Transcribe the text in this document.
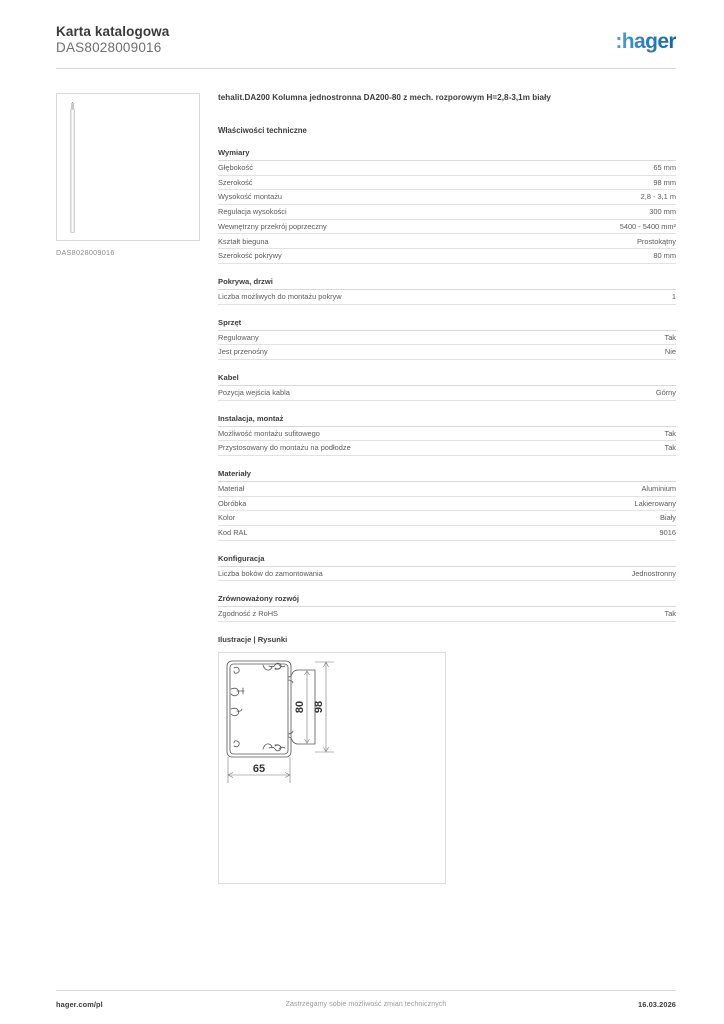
Karta katalogowa
DAS8028009016	:hager
DAS8028009016
tehalit.DA200 Kolumna jednostronna DA200-80 z mech. rozporowym H=2,8-3,1m biały
Właściwości techniczne
Wymiary
Głębokość	65 mm
Szerokość	98 mm
Wysokość montażu	2,8 - 3,1 m
Regulacja wysokości	300 mm
Wewnętrzny przekrój poprzeczny	5400 - 5400 mm²
Kształt bieguna	Prostokątny
Szerokość pokrywy	80 mm
Pokrywa, drzwi
Liczba możliwych do montażu pokryw	1
Sprzęt
Regulowany	Tak
Jest przenośny	Nie
Kabel
Pozycja wejścia kabla	Górny
Instalacja, montaż
Możliwość montażu sufitowego	Tak
Przystosowany do montażu na podłodze	Tak
Materiały
Materiał	Aluminium
Obróbka	Lakierowany
Kolor	Biały
Kod RAL	9016
Konfiguracja
Liczba boków do zamontowania	Jednostronny
Zrównoważony rozwój
Zgodność z RoHS	Tak
Ilustracje | Rysunki
80 98
65
hager.com/pl	Zastrzegamy sobie możliwość zmian technicznych	16.03.2026
